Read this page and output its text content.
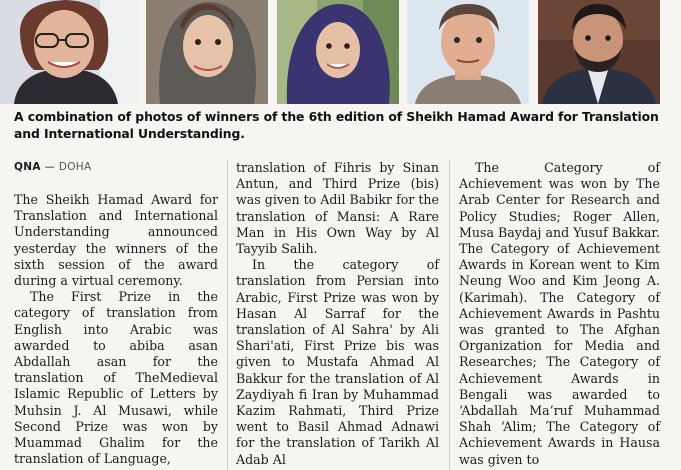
A combination of photos of winners of the 6th edition of Sheikh Hamad Award for Translation and International Understanding.

QNA — DOHA

The Sheikh Hamad Award for Translation and International Understanding announced yesterday the winners of the sixth session of the award during a virtual ceremony.

The First Prize in the category of translation from English into Arabic was awarded to abiba asan Abdallah asan for the translation of TheMedieval Islamic Republic of Letters by Muhsin J. Al Musawi, while Second Prize was won by Muammad Ghalim for the translation of Language,

translation of Fihris by Sinan Antun, and Third Prize (bis) was given to Adil Babikr for the translation of Mansi: A Rare Man in His Own Way by Al Tayyib Salih.

In the category of translation from Persian into Arabic, First Prize was won by Hasan Al Sarraf for the translation of Al Sahra' by Ali Shari'ati, First Prize bis was given to Mustafa Ahmad Al Bakkur for the translation of Al Zaydiyah fi Iran by Muhammad Kazim Rahmati, Third Prize went to Basil Ahmad Adnawi for the translation of Tarikh Al Adab Al

The Category of Achievement was won by The Arab Center for Research and Policy Studies; Roger Allen, Musa Baydaj and Yusuf Bakkar. The Category of Achievement Awards in Korean went to Kim Neung Woo and Kim Jeong A. (Karimah). The Category of Achievement Awards in Pashtu was granted to The Afghan Organization for Media and Researches; The Category of Achievement Awards in Bengali was awarded to ‘Abdallah Ma’ruf Muhammad Shah ‘Alim; The Category of Achievement Awards in Hausa was given to
